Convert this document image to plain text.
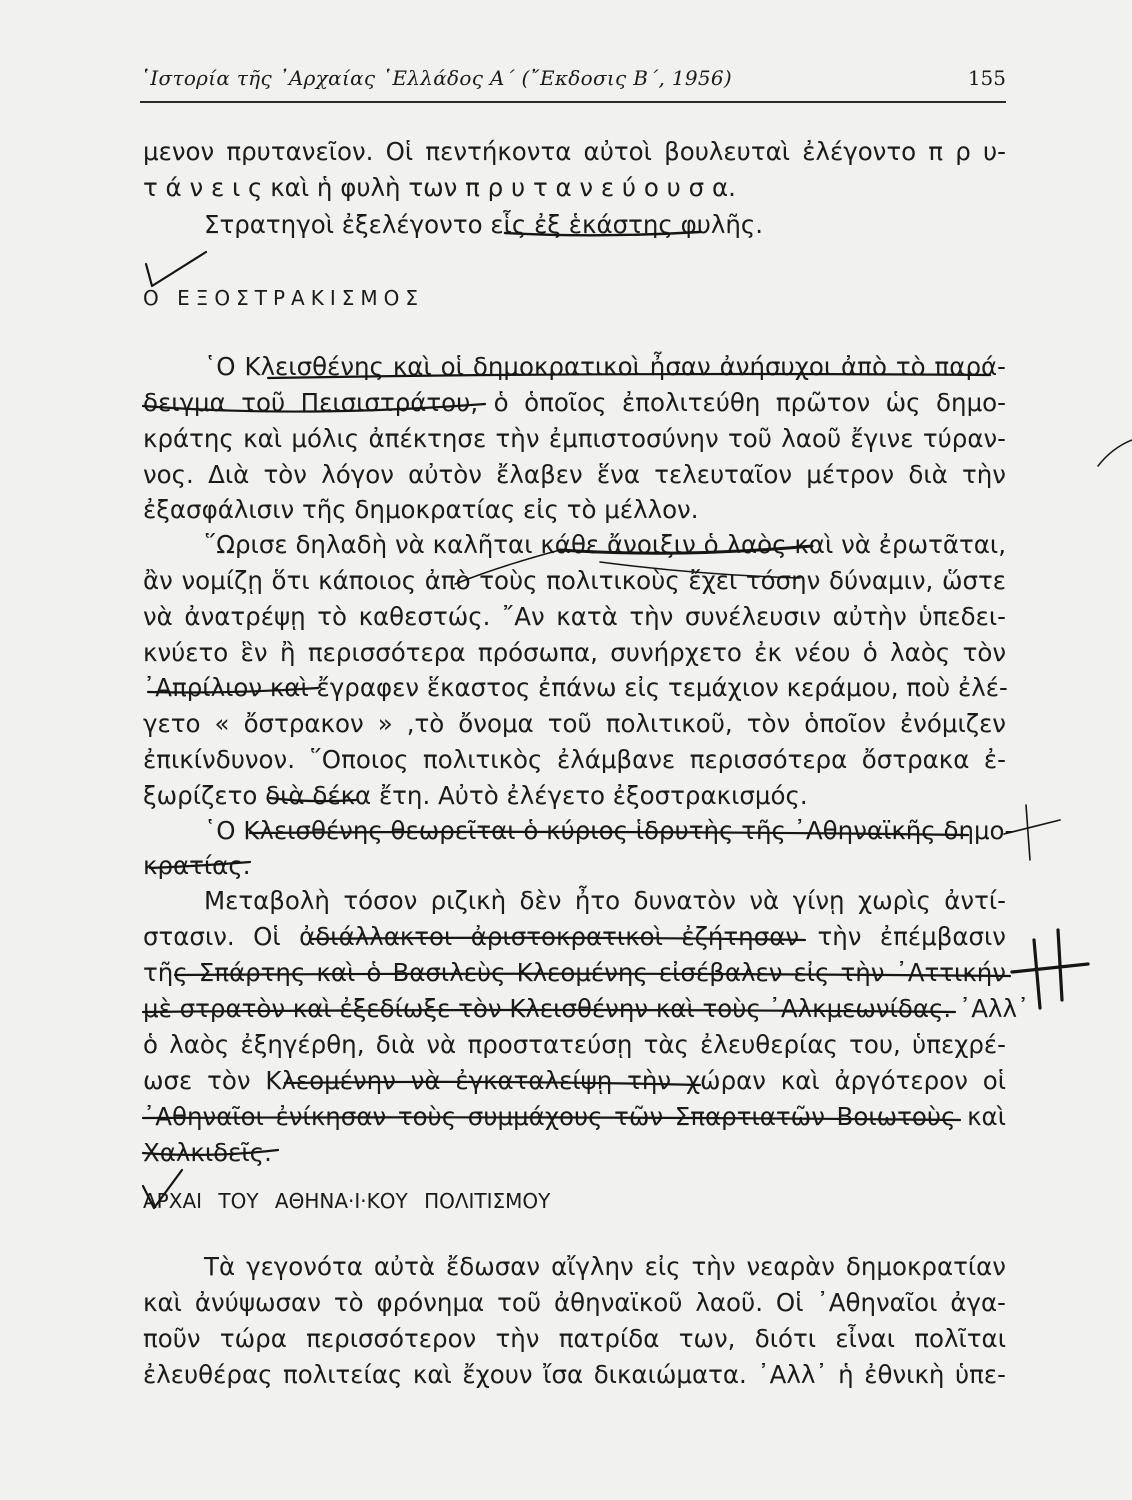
῾Ιστορία τῆς ᾿Αρχαίας ῾Ελλάδος Α΄ (῎Εκδοσις Β΄, 1956)	155
μενον πρυτανεῖον. Οἱ πεντήκοντα αὐτοὶ βουλευταὶ ἐλέγοντο π ρ υ-
τ ά ν ε ι ς καὶ ἡ φυλὴ των π ρ υ τ α ν ε ύ ο υ σ α.
Στρατηγοὶ ἐξελέγοντο εἷς ἐξ ἑκάστης φυλῆς.
Ο ΕΞΟΣΤΡΑΚΙΣΜΟΣ
῾Ο Κλεισθένης καὶ οἱ δημοκρατικοὶ ἦσαν ἀνήσυχοι ἀπὸ τὸ παρά-
δειγμα τοῦ Πεισιστράτου, ὁ ὁποῖος ἐπολιτεύθη πρῶτον ὡς δημο-
κράτης καὶ μόλις ἀπέκτησε τὴν ἐμπιστοσύνην τοῦ λαοῦ ἔγινε τύραν-
νος. Διὰ τὸν λόγον αὐτὸν ἔλαβεν ἕνα τελευταῖον μέτρον διὰ τὴν
ἐξασφάλισιν τῆς δημοκρατίας εἰς τὸ μέλλον.
῞Ωρισε δηλαδὴ νὰ καλῆται κάθε ἄνοιξιν ὁ λαὸς καὶ νὰ ἐρωτᾶται,
ἂν νομίζῃ ὅτι κάποιος ἀπὸ τοὺς πολιτικοὺς ἔχει τόσην δύναμιν, ὥστε
νὰ ἀνατρέψῃ τὸ καθεστώς. ῎Αν κατὰ τὴν συνέλευσιν αὐτὴν ὑπεδει-
κνύετο ἓν ἢ περισσότερα πρόσωπα, συνήρχετο ἐκ νέου ὁ λαὸς τὸν
᾿Απρίλιον καὶ ἔγραφεν ἕκαστος ἐπάνω εἰς τεμάχιον κεράμου, ποὺ ἐλέ-
γετο « ὄστρακον » ,τὸ ὄνομα τοῦ πολιτικοῦ, τὸν ὁποῖον ἐνόμιζεν
ἐπικίνδυνον. ῞Οποιος πολιτικὸς ἐλάμβανε περισσότερα ὄστρακα ἐ-
ξωρίζετο διὰ δέκα ἔτη. Αὐτὸ ἐλέγετο ἐξοστρακισμός.
῾Ο Κλεισθένης θεωρεῖται ὁ κύριος ἱδρυτὴς τῆς ᾿Αθηναϊκῆς δημο-
κρατίας.
Μεταβολὴ τόσον ριζικὴ δὲν ἦτο δυνατὸν νὰ γίνῃ χωρὶς ἀντί-
στασιν. Οἱ ἀδιάλλακτοι ἀριστοκρατικοὶ ἐζήτησαν τὴν ἐπέμβασιν
τῆς Σπάρτης καὶ ὁ Βασιλεὺς Κλεομένης εἰσέβαλεν εἰς τὴν ᾿Αττικήν
μὲ στρατὸν καὶ ἐξεδίωξε τὸν Κλεισθένην καὶ τοὺς ᾿Αλκμεωνίδας. ᾿Αλλ᾿
ὁ λαὸς ἐξηγέρθη, διὰ νὰ προστατεύσῃ τὰς ἐλευθερίας του, ὑπεχρέ-
ωσε τὸν Κλεομένην νὰ ἐγκαταλείψῃ τὴν χώραν καὶ ἀργότερον οἱ
᾿Αθηναῖοι ἐνίκησαν τοὺς συμμάχους τῶν Σπαρτιατῶν Βοιωτοὺς καὶ
Χαλκιδεῖς.
ΑΡΧΑΙ ΤΟΥ ΑΘΗΝΑ·Ι·ΚΟΥ ΠΟΛΙΤΙΣΜΟΥ
Τὰ γεγονότα αὐτὰ ἔδωσαν αἴγλην εἰς τὴν νεαρὰν δημοκρατίαν
καὶ ἀνύψωσαν τὸ φρόνημα τοῦ ἀθηναϊκοῦ λαοῦ. Οἱ ᾿Αθηναῖοι ἀγα-
ποῦν τώρα περισσότερον τὴν πατρίδα των, διότι εἶναι πολῖται
ἐλευθέρας πολιτείας καὶ ἔχουν ἴσα δικαιώματα. ᾿Αλλ᾿ ἡ ἐθνικὴ ὑπε-
